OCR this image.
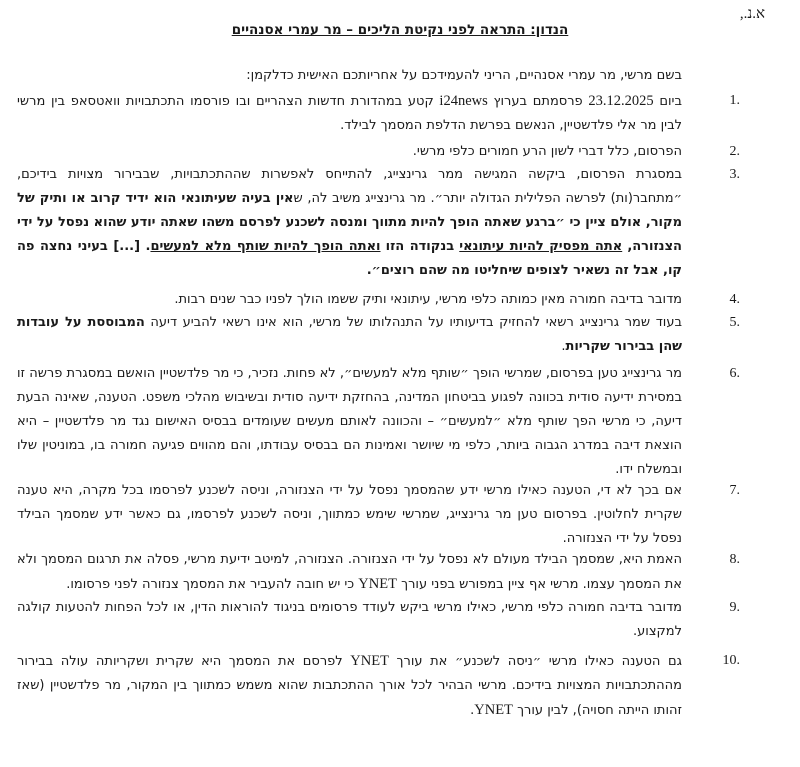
א.נ.,
הנדון: התראה לפני נקיטת הליכים – מר עמרי אסנהיים
בשם מרשי, מר עמרי אסנהיים, הריני להעמידכם על אחריותכם האישית כדלקמן:
1.
ביום 23.12.2025 פרסמתם בערוץ i24news קטע במהדורת חדשות הצהריים ובו פורסמו התכתבויות וואטסאפ בין מרשי לבין מר אלי פלדשטיין, הנאשם בפרשת הדלפת המסמך לבילד.
2.
הפרסום, כלל דברי לשון הרע חמורים כלפי מרשי.
3.
במסגרת הפרסום, ביקשה המגישה ממר גרינצייג, להתייחס לאפשרות שההתכתבויות, שבבירור מצויות בידיכם, ״מתחבר(ות) לפרשה הפלילית הגדולה יותר״. מר גרינצייג משיב לה, שאין בעיה שעיתונאי הוא ידיד קרוב או ותיק של מקור, אולם ציין כי ״ברגע שאתה הופך להיות מתווך ומנסה לשכנע לפרסם משהו שאתה יודע שהוא נפסל על ידי הצנזורה, אתה מפסיק להיות עיתונאי בנקודה הזו ואתה הופך להיות שותף מלא למעשים. [...] בעיני נחצה פה קו, אבל זה נשאיר לצופים שיחליטו מה שהם רוצים״.
4.
מדובר בדיבה חמורה מאין כמותה כלפי מרשי, עיתונאי ותיק ששמו הולך לפניו כבר שנים רבות.
5.
בעוד שמר גרינצייג רשאי להחזיק בדיעותיו על התנהלותו של מרשי, הוא אינו רשאי להביע דיעה המבוססת על עובדות שהן בבירור שקריות.
6.
מר גרינצייג טען בפרסום, שמרשי הופך ״שותף מלא למעשים״, לא פחות. נזכיר, כי מר פלדשטיין הואשם במסגרת פרשה זו במסירת ידיעה סודית בכוונה לפגוע בביטחון המדינה, בהחזקת ידיעה סודית ובשיבוש מהלכי משפט. הטענה, שאינה הבעת דיעה, כי מרשי הפך שותף מלא ״למעשים״ – והכוונה לאותם מעשים שעומדים בבסיס האישום נגד מר פלדשטיין – היא הוצאת דיבה במדרג הגבוה ביותר, כלפי מי שיושר ואמינות הם בבסיס עבודתו, והם מהווים פגיעה חמורה בו, במוניטין שלו ובמשלח ידו.
7.
אם בכך לא די, הטענה כאילו מרשי ידע שהמסמך נפסל על ידי הצנזורה, וניסה לשכנע לפרסמו בכל מקרה, היא טענה שקרית לחלוטין. בפרסום טען מר גרינצייג, שמרשי שימש כמתווך, וניסה לשכנע לפרסמו, גם כאשר ידע שמסמך הבילד נפסל על ידי הצנזורה.
8.
האמת היא, שמסמך הבילד מעולם לא נפסל על ידי הצנזורה. הצנזורה, למיטב ידיעת מרשי, פסלה את תרגום המסמך ולא את המסמך עצמו. מרשי אף ציין במפורש בפני עורך YNET כי יש חובה להעביר את המסמך צנזורה לפני פרסומו.
9.
מדובר בדיבה חמורה כלפי מרשי, כאילו מרשי ביקש לעודד פרסומים בניגוד להוראות הדין, או לכל הפחות להטעות קולגה למקצוע.
10.
גם הטענה כאילו מרשי ״ניסה לשכנע״ את עורך YNET לפרסם את המסמך היא שקרית ושקריותה עולה בבירור מההתכתבויות המצויות בידיכם. מרשי הבהיר לכל אורך ההתכתבות שהוא משמש כמתווך בין המקור, מר פלדשטיין (שאז זהותו הייתה חסויה), לבין עורך YNET.
